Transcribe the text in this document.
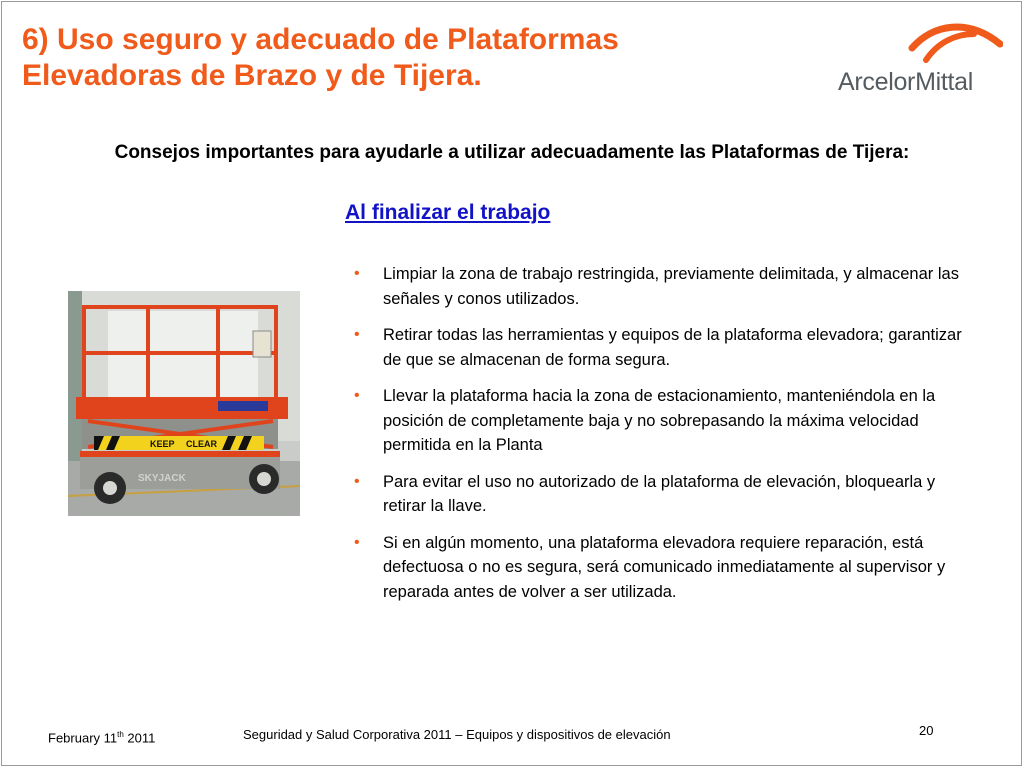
6) Uso seguro y adecuado de Plataformas
Elevadoras de Brazo y de Tijera.	ArcelorMittal
Consejos importantes para ayudarle a utilizar adecuadamente las Plataformas de Tijera:
Al finalizar el trabajo
KEEP CLEAR
SKYJACK
• Limpiar la zona de trabajo restringida, previamente delimitada, y almacenar las señales y conos utilizados.
• Retirar todas las herramientas y equipos de la plataforma elevadora; garantizar de que se almacenan de forma segura.
• Llevar la plataforma hacia la zona de estacionamiento, manteniéndola en la posición de completamente baja y no sobrepasando la máxima velocidad permitida en la Planta
• Para evitar el uso no autorizado de la plataforma de elevación, bloquearla y retirar la llave.
• Si en algún momento, una plataforma elevadora requiere reparación, está defectuosa o no es segura, será comunicado inmediatamente al supervisor y reparada antes de volver a ser utilizada.
February 11th 2011	Seguridad y Salud Corporativa 2011 – Equipos y dispositivos de elevación	20
